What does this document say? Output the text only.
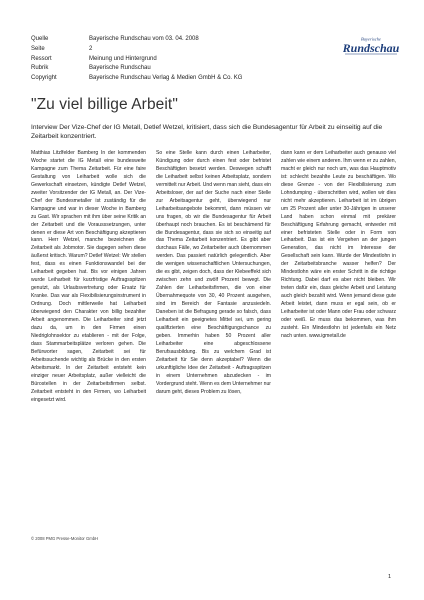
Quelle	Bayerische Rundschau vom 03. 04. 2008
Seite	2
Ressort	Meinung und Hintergrund
Rubrik	Bayerische Rundschau
Copyright	Bayerische Rundschau Verlag & Medien GmbH & Co. KG
Bayerische
Rundschau
"Zu viel billige Arbeit"
Interview Der Vize-Chef der IG Metall, Detlef Wetzel, kritisiert, dass sich die Bundesagentur für Arbeit zu einseitig auf die Zeitarbeit konzentriert.
Matthias Litzlfelder Bamberg In der kommenden Woche startet die IG Metall eine bundesweite Kampagne zum Thema Zeitarbeit. Für eine faire Gestaltung von Leiharbeit wolle sich die Gewerkschaft einsetzen, kündigte Detlef Wetzel, zweiter Vorsitzender der IG Metall, an. Der Vize-Chef der Bundesmetaller ist zuständig für die Kampagne und war in dieser Woche in Bamberg zu Gast. Wir sprachen mit ihm über seine Kritik an der Zeitarbeit und die Vorausssetzungen, unter denen er diese Art von Beschäftigung akzeptieren kann. Herr Wetzel, manche bezeichnen die Zeitarbeit als Jobmotor. Sie dagegen sehen diese äußerst kritisch. Warum? Detlef Wetzel: Wir stellen fest, dass es einen Funktionswandel bei der Leiharbeit gegeben hat. Bis vor einigen Jahren wurde Leiharbeit für kurzfristige Auftragsspitzen genutzt, als Urlaubsvertretung oder Ersatz für Kranke. Das war als Flexibilisierungsinstrument in Ordnung. Doch mittlerweile hat Leiharbeit überwiegend den Charakter von billig bezahlter Arbeit angenommen. Die Leiharbeiter sind jetzt dazu da, um in den Firmen einen Niedriglohnsektor zu etablieren - mit der Folge, dass Stammarbeitsplätze verloren gehen. Die Befürworter sagen, Zeitarbeit sei für Arbeitssuchende wichtig als Brücke in den ersten Arbeitsmarkt. In der Zeitarbeit entsteht kein einziger neuer Arbeitsplatz, außer vielleicht die Bürostellen in der Zeitarbeitsfirmen selbst. Zeitarbeit entsteht in den Firmen, wo Leiharbeit eingesetzt wird.
So eine Stelle kann durch einen Leiharbeiter, Kündigung oder durch einen fest oder befristet Beschäftigten besetzt werden. Deswegen schafft die Leiharbeit selbst keinen Arbeitsplatz, sondern vermittelt nur Arbeit. Und wenn man sieht, dass ein Arbeitsloser, der auf der Suche nach einer Stelle zur Arbeitsagentur geht, überwiegend nur Leiharbeitsangebote bekommt, dann müssen wir uns fragen, ob wir die Bundesagentur für Arbeit überhaupt noch brauchen. Es ist beschämend für die Bundesagentur, dass sie sich so einseitig auf das Thema Zeitarbeit konzentriert. Es gibt aber durchaus Fälle, wo Zeitarbeiter auch übernommen werden. Das passiert natürlich gelegentlich. Aber die wenigen wissenschaftlichen Untersuchungen, die es gibt, zeigen doch, dass der Klebeeffekt sich zwischen zehn und zwölf Prozent bewegt. Die Zahlen der Leiharbeitsfirmen, die von einer Übernahmequote von 30, 40 Prozent ausgehen, sind im Bereich der Fantasie anzusiedeln. Daneben ist die Befragung gerade so falsch, dass Leiharbeit ein geeignetes Mittel sei, um gering qualifizierten eine Beschäftigungschance zu geben. Immerhin haben 50 Prozent aller Leiharbeiter eine abgeschlossene Berufsausbildung. Bis zu welchem Grad ist Zeitarbeit für Sie denn akzeptabel? Wenn die urkunftigliche Idee der Zeitarbeit - Auftragsspitzen in einem Unternehmen abzudecken - im Vordergrund steht. Wenn es dem Unternehmer nur darum geht, dieses Problem zu lösen,
dann kann er dem Leiharbeiter auch genauso viel zahlen wie einem anderen. Ihm wenn er zu zahlen, macht er gleich nur noch um, was das Hauptmotiv ist: schlecht bezahlte Leute zu beschäftigen. Wo diese Grenze - von der Flexibilisierung zum Lohndumping - überschritten wird, wollen wir dies nicht mehr akzeptieren. Leiharbeit ist im übrigen um 25 Prozent aller unter 30-Jährigen in unserer Land haben schon einmal mit prekärer Beschäftigung Erfahrung gemacht, entweder mit einer befristeten Stelle oder in Form von Leiharbeit. Das ist ein Vergehen an der jungen Generation, das nicht im Interesse der Gesellschaft sein kann. Wurde der Mindestlohn in der Zeitarbeitsbranche wasser helfen? Der Mindestlohn wäre ein erster Schritt in die richtige Richtung. Dabei darf es aber nicht bleiben. Wir treten dafür ein, dass gleiche Arbeit und Leistung auch gleich bezahlt wird. Wenn jemand diese gute Arbeit leistet, dann muss er egal sein, ob er Leiharbeiter ist oder Mann oder Frau oder schwarz oder weiß. Er muss das bekommen, was ihm zusteht. Ein Mindestlohn ist jedenfalls ein Netz nach unten. www.igmetall.de
© 2008 PMG Presse-Monitor GmbH
1
